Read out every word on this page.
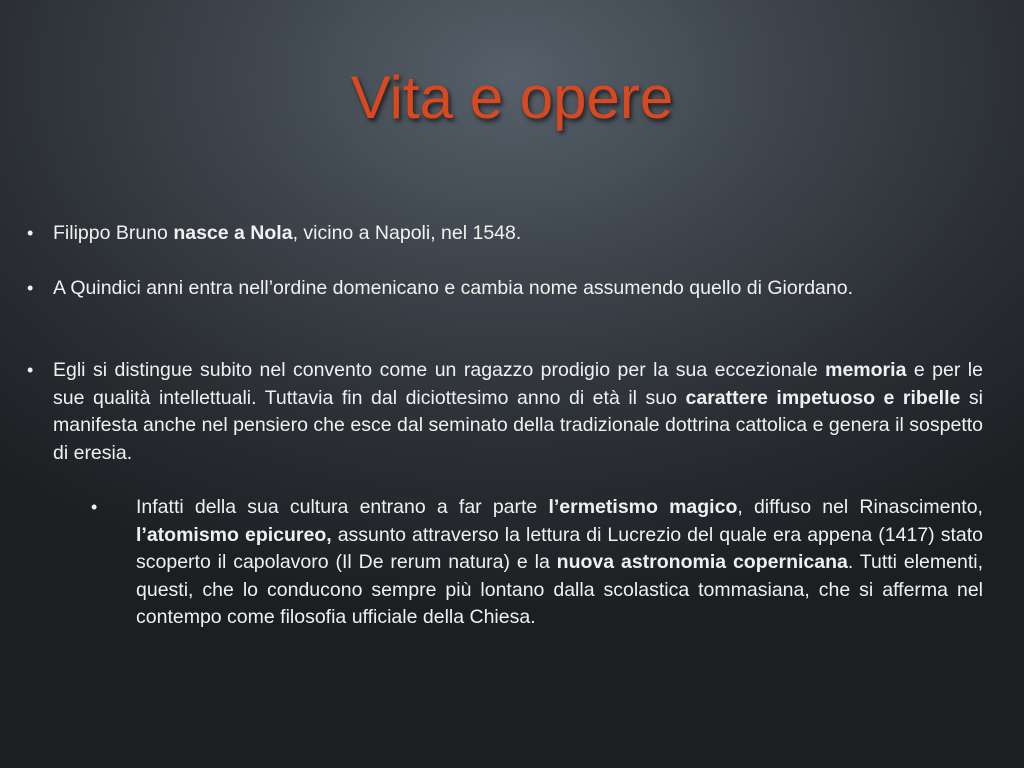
Vita e opere
• Filippo Bruno nasce a Nola, vicino a Napoli, nel 1548.
• A Quindici anni entra nell’ordine domenicano e cambia nome assumendo quello di Giordano.
• Egli si distingue subito nel convento come un ragazzo prodigio per la sua eccezionale memoria e per le sue qualità intellettuali. Tuttavia fin dal diciottesimo anno di età il suo carattere impetuoso e ribelle si manifesta anche nel pensiero che esce dal seminato della tradizionale dottrina cattolica e genera il sospetto di eresia.
• Infatti della sua cultura entrano a far parte l’ermetismo magico, diffuso nel Rinascimento, l’atomismo epicureo, assunto attraverso la lettura di Lucrezio del quale era appena (1417) stato scoperto il capolavoro (Il De rerum natura) e la nuova astronomia copernicana. Tutti elementi, questi, che lo conducono sempre più lontano dalla scolastica tommasiana, che si afferma nel contempo come filosofia ufficiale della Chiesa.
